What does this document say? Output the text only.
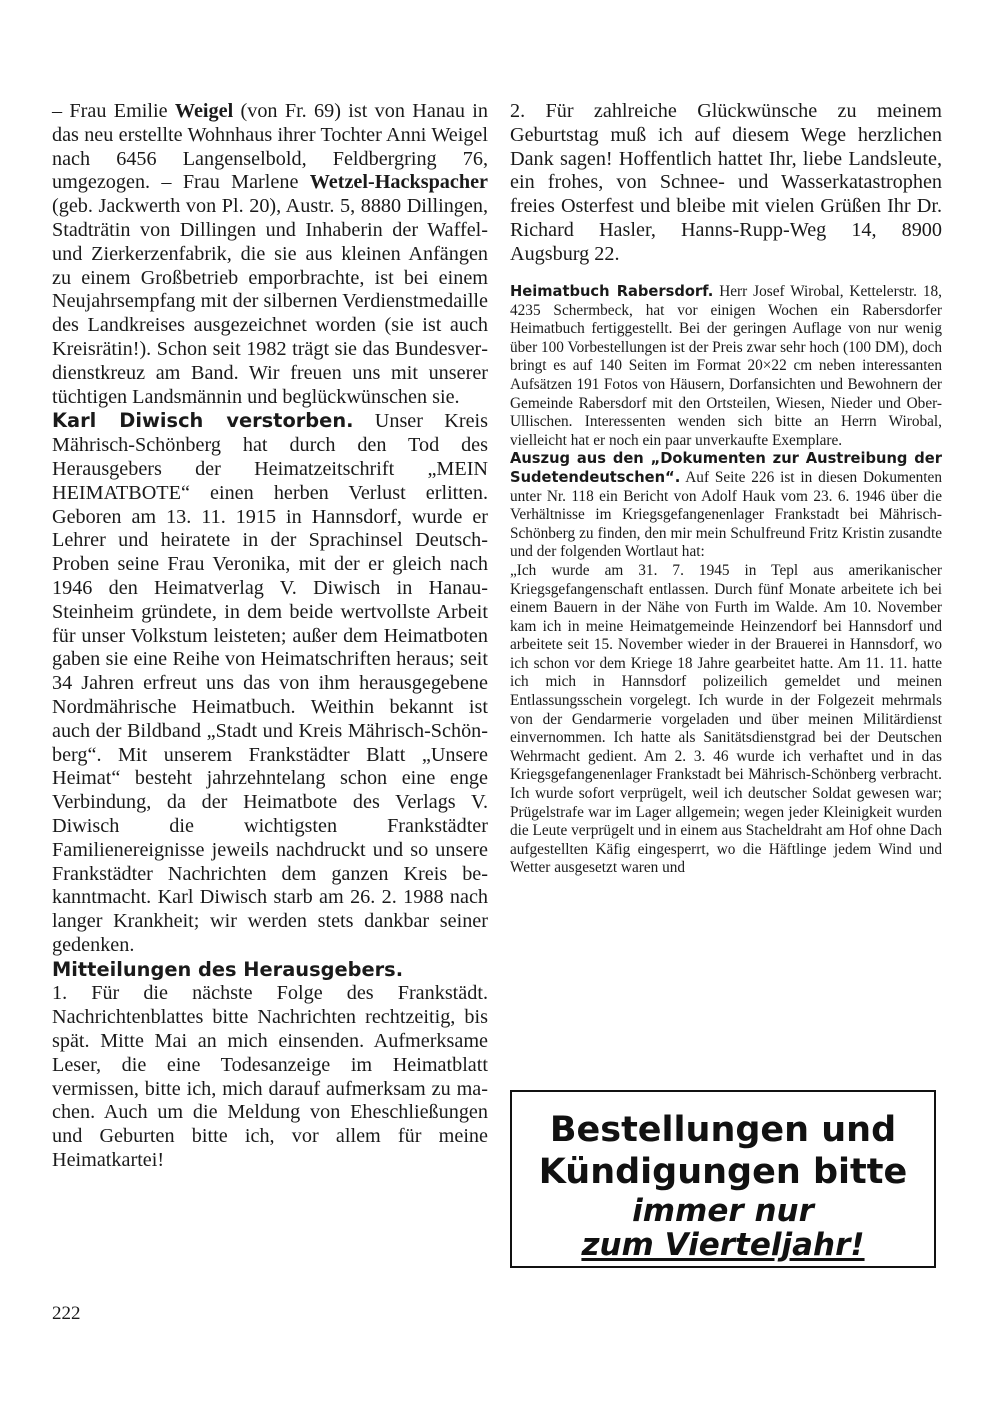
– Frau Emilie Weigel (von Fr. 69) ist von Hanau in das neu erstellte Wohnhaus ihrer Tochter Anni Weigel nach 6456 Langenselbold, Feldbergring 76, umgezogen. – Frau Marlene Wetzel-Hackspacher (geb. Jackwerth von Pl. 20), Austr. 5, 8880 Dillingen, Stadträtin von Dillingen und Inhaberin der Waffel- und Zierkerzenfabrik, die sie aus kleinen Anfängen zu einem Großbetrieb emporbrachte, ist bei einem Neujahrsempfang mit der silbernen Verdienstmedaille des Landkreises ausgezeichnet worden (sie ist auch Kreisrätin!). Schon seit 1982 trägt sie das Bundesverdienstkreuz am Band. Wir freuen uns mit unserer tüchtigen Landsmännin und beglückwünschen sie.

Karl Diwisch verstorben. Unser Kreis Mährisch-Schönberg hat durch den Tod des Herausgebers der Heimatzeitschrift „MEIN HEIMATBOTE“ einen herben Verlust erlitten. Geboren am 13. 11. 1915 in Hannsdorf, wurde er Lehrer und heiratete in der Sprachinsel Deutsch-Proben seine Frau Veronika, mit der er gleich nach 1946 den Heimatverlag V. Diwisch in Hanau-Steinheim gründete, in dem beide wertvollste Arbeit für unser Volkstum leisteten; außer dem Heimatboten gaben sie eine Reihe von Heimatschriften heraus; seit 34 Jahren erfreut uns das von ihm herausgegebene Nordmährische Heimatbuch. Weithin bekannt ist auch der Bildband „Stadt und Kreis Mährisch-Schönberg“. Mit unserem Frankstädter Blatt „Unsere Heimat“ besteht jahrzehntelang schon eine enge Verbindung, da der Heimatbote des Verlags V. Diwisch die wichtigsten Frankstädter Familienereignisse jeweils nachdruckt und so unsere Frankstädter Nachrichten dem ganzen Kreis bekanntmacht. Karl Diwisch starb am 26. 2. 1988 nach langer Krankheit; wir werden stets dankbar seiner gedenken.

Mitteilungen des Herausgebers.

1. Für die nächste Folge des Frankstädt. Nachrichtenblattes bitte Nachrichten rechtzeitig, bis spät. Mitte Mai an mich einsenden. Aufmerksame Leser, die eine Todesanzeige im Heimatblatt vermissen, bitte ich, mich darauf aufmerksam zu machen. Auch um die Meldung von Eheschließungen und Geburten bitte ich, vor allem für meine Heimatkartei!

2. Für zahlreiche Glückwünsche zu meinem Geburtstag muß ich auf diesem Wege herzlichen Dank sagen! Hoffentlich hattet Ihr, liebe Landsleute, ein frohes, von Schnee- und Wasserkatastrophen freies Osterfest und bleibe mit vielen Grüßen Ihr Dr. Richard Hasler, Hanns-Rupp-Weg 14, 8900 Augsburg 22.

Heimatbuch Rabersdorf. Herr Josef Wirobal, Kettelerstr. 18, 4235 Schermbeck, hat vor einigen Wochen ein Rabersdorfer Heimatbuch fertiggestellt. Bei der geringen Auflage von nur wenig über 100 Vorbestellungen ist der Preis zwar sehr hoch (100 DM), doch bringt es auf 140 Seiten im Format 20×22 cm neben interessanten Aufsätzen 191 Fotos von Häusern, Dorfansichten und Bewohnern der Gemeinde Rabersdorf mit den Ortsteilen, Wiesen, Nieder und Ober-Ullischen. Interessenten wenden sich bitte an Herrn Wirobal, vielleicht hat er noch ein paar unverkaufte Exemplare.

Auszug aus den „Dokumenten zur Austreibung der Sudetendeutschen“. Auf Seite 226 ist in diesen Dokumenten unter Nr. 118 ein Bericht von Adolf Hauk vom 23. 6. 1946 über die Verhältnisse im Kriegsgefangenenlager Frankstadt bei Mährisch-Schönberg zu finden, den mir mein Schulfreund Fritz Kristin zusandte und der folgenden Wortlaut hat:

„Ich wurde am 31. 7. 1945 in Tepl aus amerikanischer Kriegsgefangenschaft entlassen. Durch fünf Monate arbeitete ich bei einem Bauern in der Nähe von Furth im Walde. Am 10. November kam ich in meine Heimatgemeinde Heinzendorf bei Hannsdorf und arbeitete seit 15. November wieder in der Brauerei in Hannsdorf, wo ich schon vor dem Kriege 18 Jahre gearbeitet hatte. Am 11. 11. hatte ich mich in Hannsdorf polizeilich gemeldet und meinen Entlassungsschein vorgelegt. Ich wurde in der Folgezeit mehrmals von der Gendarmerie vorgeladen und über meinen Militärdienst einvernommen. Ich hatte als Sanitätsdienstgrad bei der Deutschen Wehrmacht gedient. Am 2. 3. 46 wurde ich verhaftet und in das Kriegsgefangenenlager Frankstadt bei Mährisch-Schönberg verbracht. Ich wurde sofort verprügelt, weil ich deutscher Soldat gewesen war; Prügelstrafe war im Lager allgemein; wegen jeder Kleinigkeit wurden die Leute verprügelt und in einem aus Stacheldraht am Hof ohne Dach aufgestellten Käfig eingesperrt, wo die Häftlinge jedem Wind und Wetter ausgesetzt waren und

Bestellungen und
Kündigungen bitte
immer nur
zum Vierteljahr!
222
